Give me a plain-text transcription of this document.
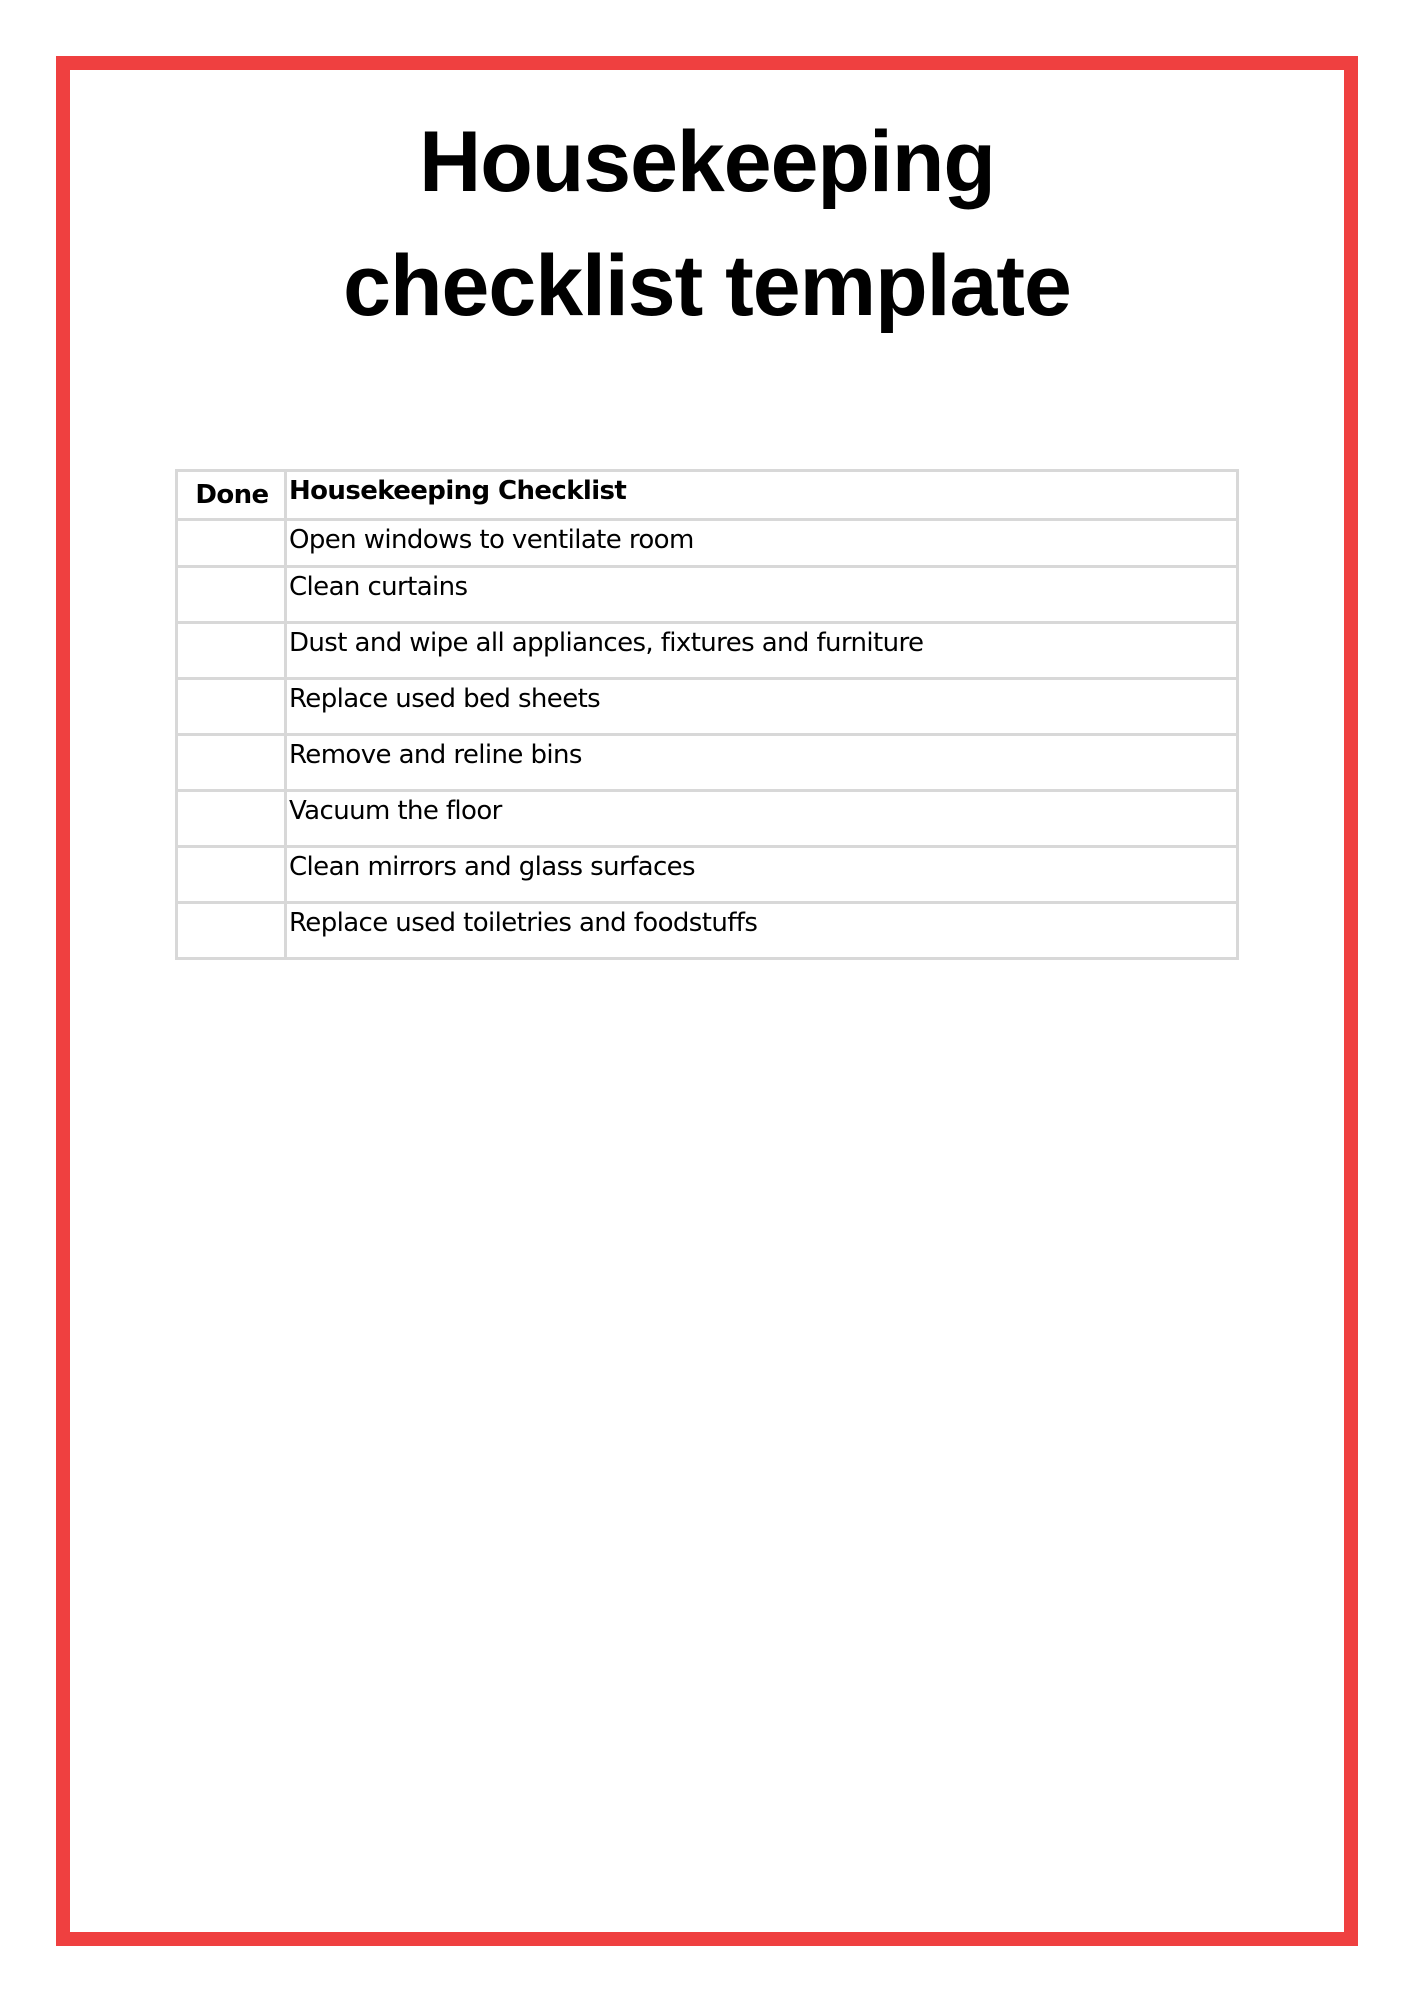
Housekeeping
checklist template
Done	Housekeeping Checklist
	Open windows to ventilate room
	Clean curtains
	Dust and wipe all appliances, fixtures and furniture
	Replace used bed sheets
	Remove and reline bins
	Vacuum the floor
	Clean mirrors and glass surfaces
	Replace used toiletries and foodstuffs
